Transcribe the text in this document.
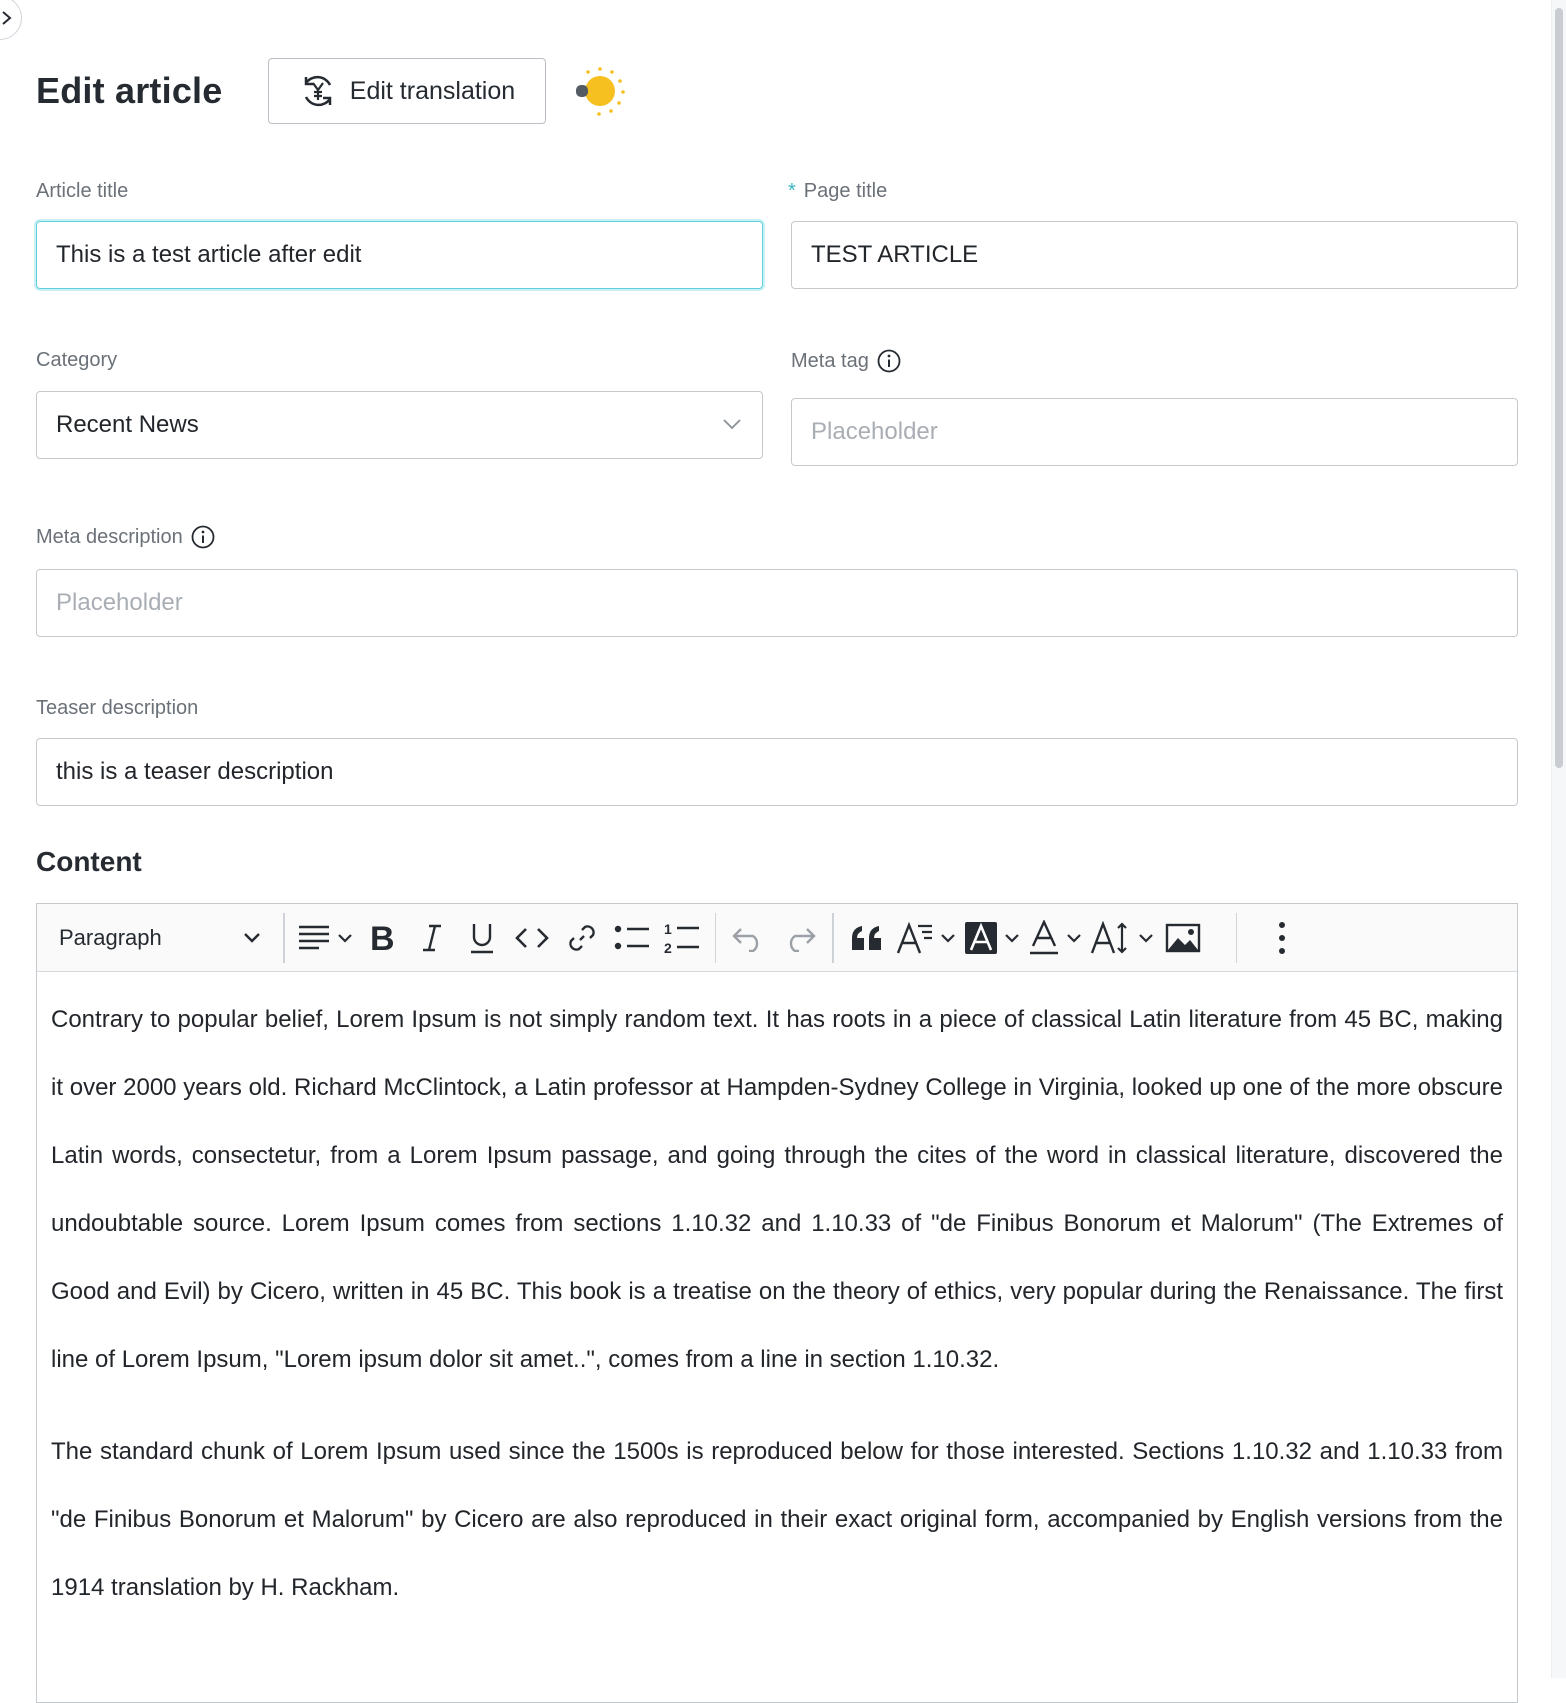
Edit article	Edit translation
Article title
This is a test article after edit
* Page title
TEST ARTICLE
Category
Recent News
Meta tag
Placeholder
Meta description
Placeholder
Teaser description
this is a teaser description
Content
Paragraph	B	1
2

Contrary to popular belief, Lorem Ipsum is not simply random text. It has roots in a piece of classical Latin literature from 45 BC, making it over 2000 years old. Richard McClintock, a Latin professor at Hampden-Sydney College in Virginia, looked up one of the more obscure Latin words, consectetur, from a Lorem Ipsum passage, and going through the cites of the word in classical literature, discovered the undoubtable source. Lorem Ipsum comes from sections 1.10.32 and 1.10.33 of "de Finibus Bonorum et Malorum" (The Extremes of Good and Evil) by Cicero, written in 45 BC. This book is a treatise on the theory of ethics, very popular during the Renaissance. The first line of Lorem Ipsum, "Lorem ipsum dolor sit amet..", comes from a line in section 1.10.32.

The standard chunk of Lorem Ipsum used since the 1500s is reproduced below for those interested. Sections 1.10.32 and 1.10.33 from "de Finibus Bonorum et Malorum" by Cicero are also reproduced in their exact original form, accompanied by English versions from the 1914 translation by H. Rackham.
